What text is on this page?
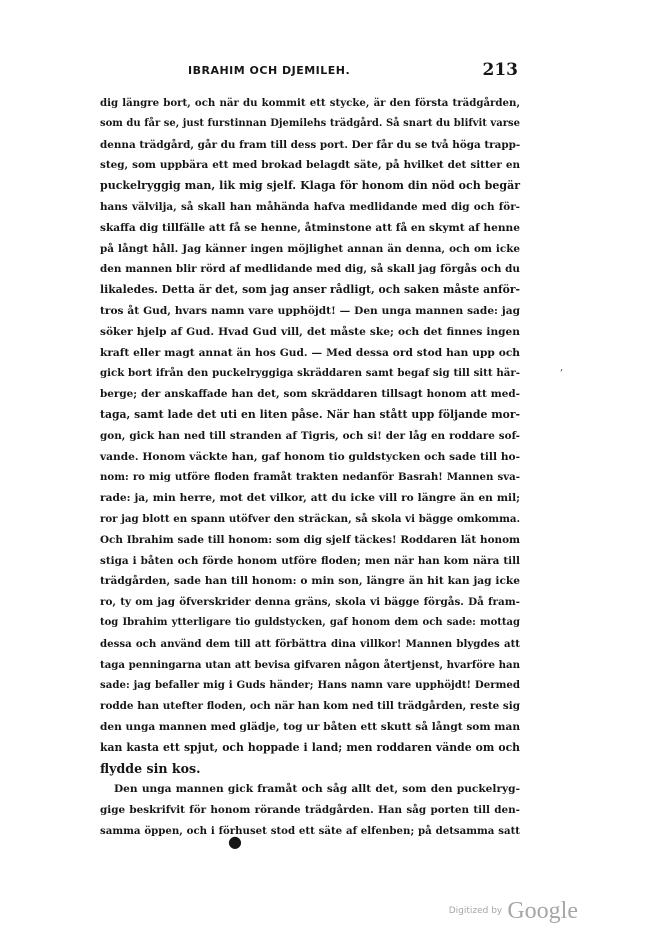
IBRAHIM OCH DJEMILEH.	213
dig längre bort, och när du kommit ett stycke, är den första trädgården,
som du får se, just furstinnan Djemilehs trädgård. Så snart du blifvit varse
denna trädgård, går du fram till dess port. Der får du se två höga trapp-
steg, som uppbära ett med brokad belagdt säte, på hvilket det sitter en
puckelryggig man, lik mig sjelf. Klaga för honom din nöd och begär
hans välvilja, så skall han måhända hafva medlidande med dig och för-
skaffa dig tillfälle att få se henne, åtminstone att få en skymt af henne
på långt håll. Jag känner ingen möjlighet annan än denna, och om icke
den mannen blir rörd af medlidande med dig, så skall jag förgås och du
likaledes. Detta är det, som jag anser rådligt, och saken måste anför-
tros åt Gud, hvars namn vare upphöjdt! — Den unga mannen sade: jag
söker hjelp af Gud. Hvad Gud vill, det måste ske; och det finnes ingen
kraft eller magt annat än hos Gud. — Med dessa ord stod han upp och
gick bort ifrån den puckelryggiga skräddaren samt begaf sig till sitt här-
berge; der anskaffade han det, som skräddaren tillsagt honom att med-
taga, samt lade det uti en liten påse. När han stått upp följande mor-
gon, gick han ned till stranden af Tigris, och si! der låg en roddare sof-
vande. Honom väckte han, gaf honom tio guldstycken och sade till ho-
nom: ro mig utföre floden framåt trakten nedanför Basrah! Mannen sva-
rade: ja, min herre, mot det vilkor, att du icke vill ro längre än en mil;
ror jag blott en spann utöfver den sträckan, så skola vi bägge omkomma.
Och Ibrahim sade till honom: som dig sjelf täckes! Roddaren lät honom
stiga i båten och förde honom utföre floden; men när han kom nära till
trädgården, sade han till honom: o min son, längre än hit kan jag icke
ro, ty om jag öfverskrider denna gräns, skola vi bägge förgås. Då fram-
tog Ibrahim ytterligare tio guldstycken, gaf honom dem och sade: mottag
dessa och använd dem till att förbättra dina villkor! Mannen blygdes att
taga penningarna utan att bevisa gifvaren någon återtjenst, hvarföre han
sade: jag befaller mig i Guds händer; Hans namn vare upphöjdt! Dermed
rodde han utefter floden, och när han kom ned till trädgården, reste sig
den unga mannen med glädje, tog ur båten ett skutt så långt som man
kan kasta ett spjut, och hoppade i land; men roddaren vände om och
flydde sin kos.
Den unga mannen gick framåt och såg allt det, som den puckelryg-
gige beskrifvit för honom rörande trädgården. Han såg porten till den-
samma öppen, och i förhuset stod ett säte af elfenben; på detsamma satt
‚
●
$^{Digitized by}$ Google
